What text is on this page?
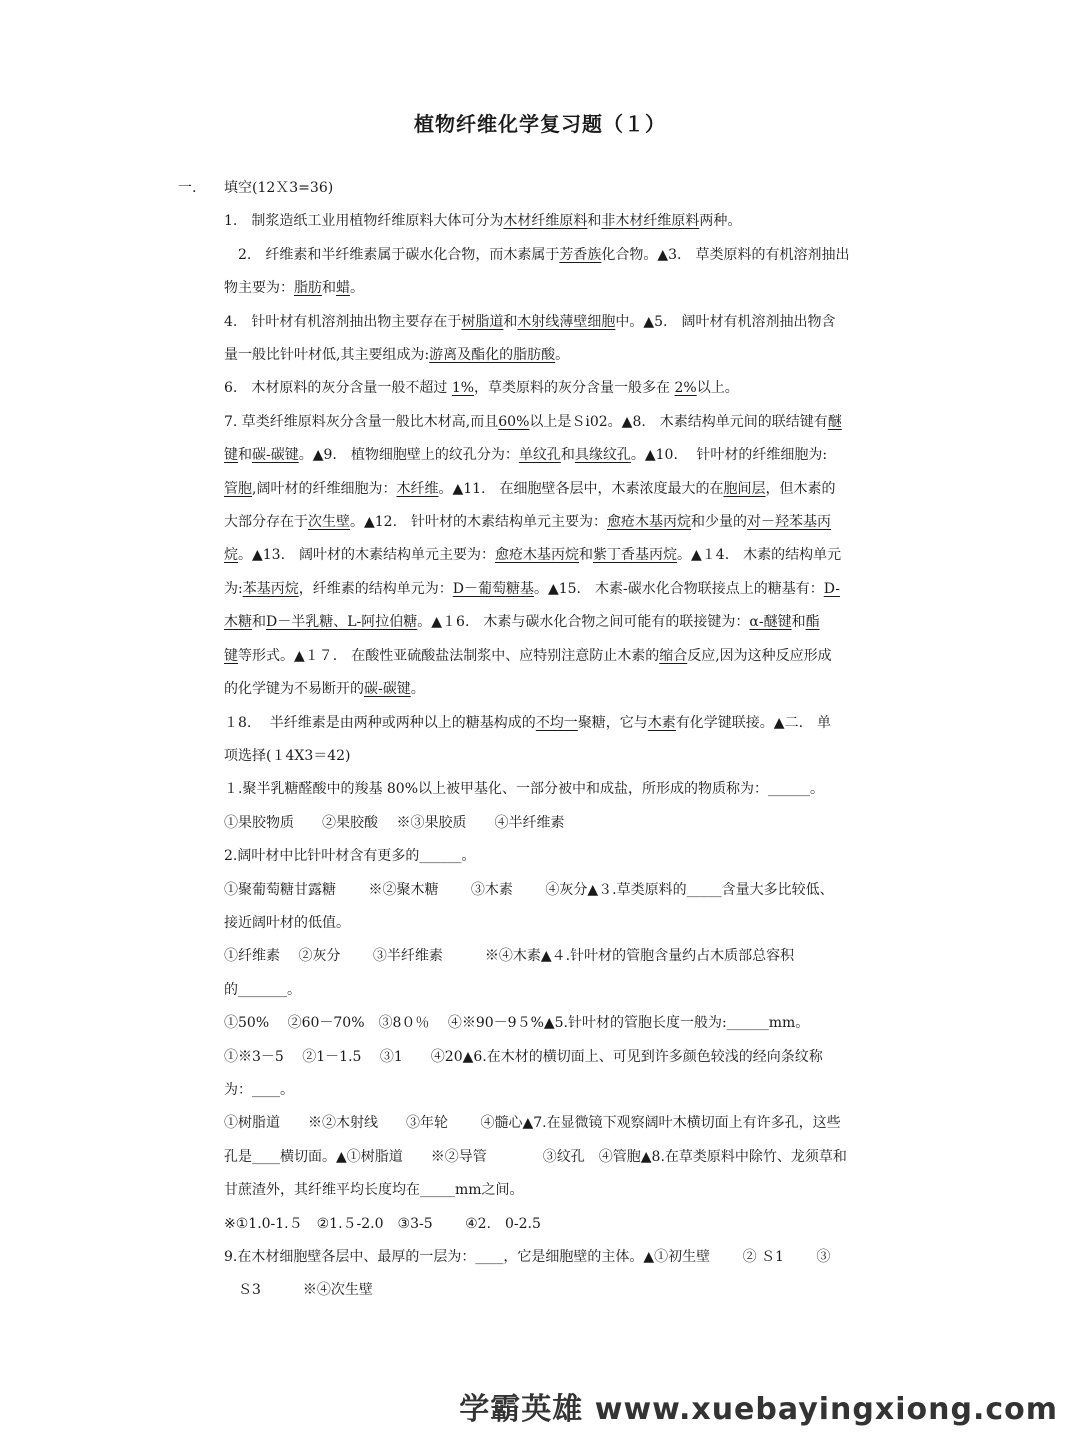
植物纤维化学复习题（１）
一. 填空(12Ｘ3=36)
1.　制浆造纸工业用植物纤维原料大体可分为木材纤维原料和非木材纤维原料两种。
　2.　纤维素和半纤维素属于碳水化合物，而木素属于芳香族化合物。▲3.　草类原料的有机溶剂抽出
物主要为：脂肪和蜡。
4.　针叶材有机溶剂抽出物主要存在于树脂道和木射线薄壁细胞中。▲5.　阔叶材有机溶剂抽出物含
量一般比针叶材低,其主要组成为:游离及酯化的脂肪酸。
6.　木材原料的灰分含量一般不超过 1%，草类原料的灰分含量一般多在 2%以上。
7. 草类纤维原料灰分含量一般比木材高,而且60%以上是Ｓi02。▲8.　木素结构单元间的联结键有醚
键和碳-碳键。▲9.　植物细胞壁上的纹孔分为：单纹孔和具缘纹孔。▲10.　 针叶材的纤维细胞为:
管胞,阔叶材的纤维细胞为：木纤维。▲11.　在细胞壁各层中，木素浓度最大的在胞间层，但木素的
大部分存在于次生壁。▲12.　针叶材的木素结构单元主要为：愈疮木基丙烷和少量的对－羟苯基丙
烷。▲13.　阔叶材的木素结构单元主要为：愈疮木基丙烷和紫丁香基丙烷。▲１4.　木素的结构单元
为:苯基丙烷，纤维素的结构单元为：D－葡萄糖基。▲15.　木素-碳水化合物联接点上的糖基有：D-
木糖和D－半乳糖、L-阿拉伯糖。▲１6.　木素与碳水化合物之间可能有的联接键为：α-醚键和酯
键等形式。▲１７.　在酸性亚硫酸盐法制浆中、应特别注意防止木素的缩合反应,因为这种反应形成
的化学键为不易断开的碳-碳键。
１8.　 半纤维素是由两种或两种以上的糖基构成的不均一聚糖，它与木素有化学键联接。▲二.　单
项选择(１4X3＝42)
１.聚半乳糖醛酸中的羧基 80%以上被甲基化、一部分被中和成盐，所形成的物质称为：______。
①果胶物质　　②果胶酸　 ※③果胶质　　④半纤维素
2.阔叶材中比针叶材含有更多的______。
①聚葡萄糖甘露糖　　 ※②聚木糖　　 ③木素　　 ④灰分▲３.草类原料的_____含量大多比较低、
接近阔叶材的低值。
①纤维素　 ②灰分　　 ③半纤维素　　　※④木素▲４.针叶材的管胞含量约占木质部总容积
的_______。
①50%　 ②60－70%　③8０％　 ④※90－9５%▲5.针叶材的管胞长度一般为:______mm。
①※3－5　 ②1－1.5　 ③1　　④20▲6.在木材的横切面上、可见到许多颜色较浅的经向条纹称
为：____。
①树脂道　　※②木射线　　③年轮　　 ④髓心▲7.在显微镜下观察阔叶木横切面上有许多孔，这些
孔是____横切面。▲①树脂道　　※②导管　　　　③纹孔　④管胞▲8.在草类原料中除竹、龙须草和
甘蔗渣外，其纤维平均长度均在_____mm之间。
※①1.0-1.５　②1.５-2.0　③3-5　　 ④2.　0-2.5
9.在木材细胞壁各层中、最厚的一层为：____，它是细胞壁的主体。▲①初生壁　　 ② Ｓ1　　 ③
　Ｓ3　　　※④次生壁
学霸英雄 www.xuebayingxiong.com
